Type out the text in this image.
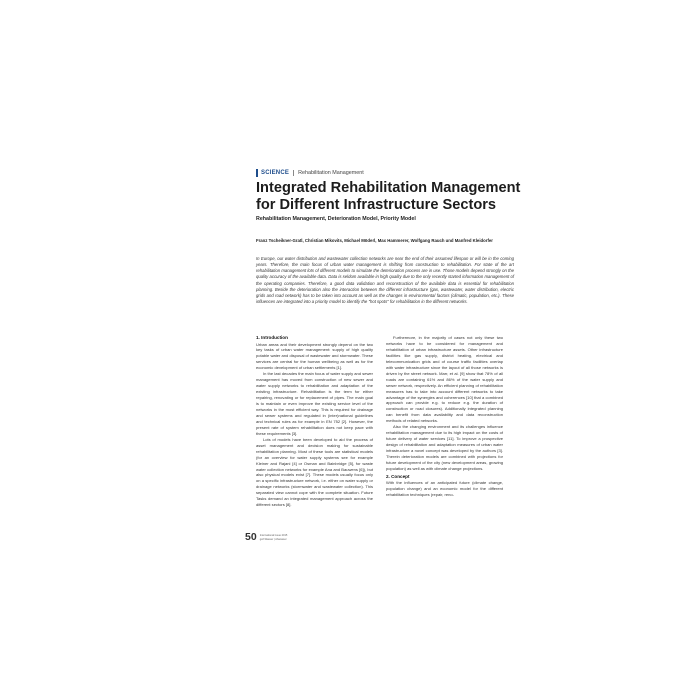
SCIENCE Rehabilitation Management
Integrated Rehabilitation Management
for Different Infrastructure Sectors
Rehabilitation Management, Deterioration Model, Priority Model
Franz Tscheikner-Gratl, Christian Mikovits, Michael Möderl, Max Hammerer, Wolfgang Rauch und Manfred Kleidorfer
In Europe, our water distribution and wastewater collection networks are near the end of their assumed lifespan or will be in the coming years. Therefore, the main focus of urban water management is shifting from construction to rehabilitation. For state of the art rehabilitation management lots of different models to simulate the deterioration process are in use. Those models depend strongly on the quality accuracy of the available data. Data is seldom available in high quality due to the only recently started information management of the operating companies. Therefore, a good data validation and reconstruction of the available data is essential for rehabilitation planning. Beside the deterioration also the interaction between the different infrastructure (gas, wastewater, water distribution, electric grids and road network) has to be taken into account as well as the changes in environmental factors (climatic, population, etc.). These influences are integrated into a priority model to identify the "hot spots" for rehabilitation in the different networks.
1. Introduction

Urban areas and their development strongly depend on the two key tasks of urban water management: supply of high quality potable water and disposal of wastewater and stormwater. These services are central for the human wellbeing as well as for the economic development of urban settlements [1].

In the last decades the main focus of water supply and sewer management has moved from construction of new sewer and water supply networks to rehabilitation and adaptation of the existing infrastructure. Rehabilitation is the term for either repairing, renovating or for replacement of pipes. The main goal is to maintain or even improve the existing service level of the networks in the most efficient way. This is required for drainage and sewer systems and regulated in (inter)national guidelines and technical rules as for example in EN 752 [2]. However, the present rate of system rehabilitation does not keep pace with these requirements [3].

Lots of models have been developed to aid the process of asset management and decision making for sustainable rehabilitation planning. Most of these tools are statistical models (for an overview for water supply systems see for example Kleiner and Rajani [4] or Osman and Bainbridge [5], for waste water collection networks for example Ana and Bauwens [6]), but also physical models exist [7]. These models usually focus only on a specific infrastructure network, i.e. either on water supply or drainage networks (stormwater and wastewater collection). This separated view cannot cope with the complete situation. Future Tasks demand an integrated management approach across the different sectors [8].

Furthermore, in the majority of cases not only these two networks have to be considered for management and rehabilitation of urban infrastructure assets. Other infrastructure facilities like gas supply, district heating, electrical and telecommunication grids and of course traffic facilities overlap with water infrastructure since the layout of all those networks is driven by the street network. Marr, et al. [9] show that 78% of all roads are containing 61% and 86% of the water supply and sewer network, respectively. An efficient planning of rehabilitation measures has to take into account different networks to take advantage of the synergies and coherences [10] that a combined approach can provide e.g. to reduce e.g. the duration of construction or road closures). Additionally integrated planning can benefit from data availability and data reconstruction methods of related networks.

Also the changing environment and its challenges influence rehabilitation management due to its high impact on the costs of future delivery of water services [11]. To improve a prospective design of rehabilitation and adaptation measures of urban water infrastructure a novel concept was developed by the authors [3]. Therein deterioration models are combined with projections for future development of the city (new development areas, growing population) as well as with climate change projections.

2. Concept

With the influences of an anticipated future (climate change, population change) and an economic model for the different rehabilitation techniques (repair, reno-

50 International Issue 2015
gwf-Wasser | Abwasser
